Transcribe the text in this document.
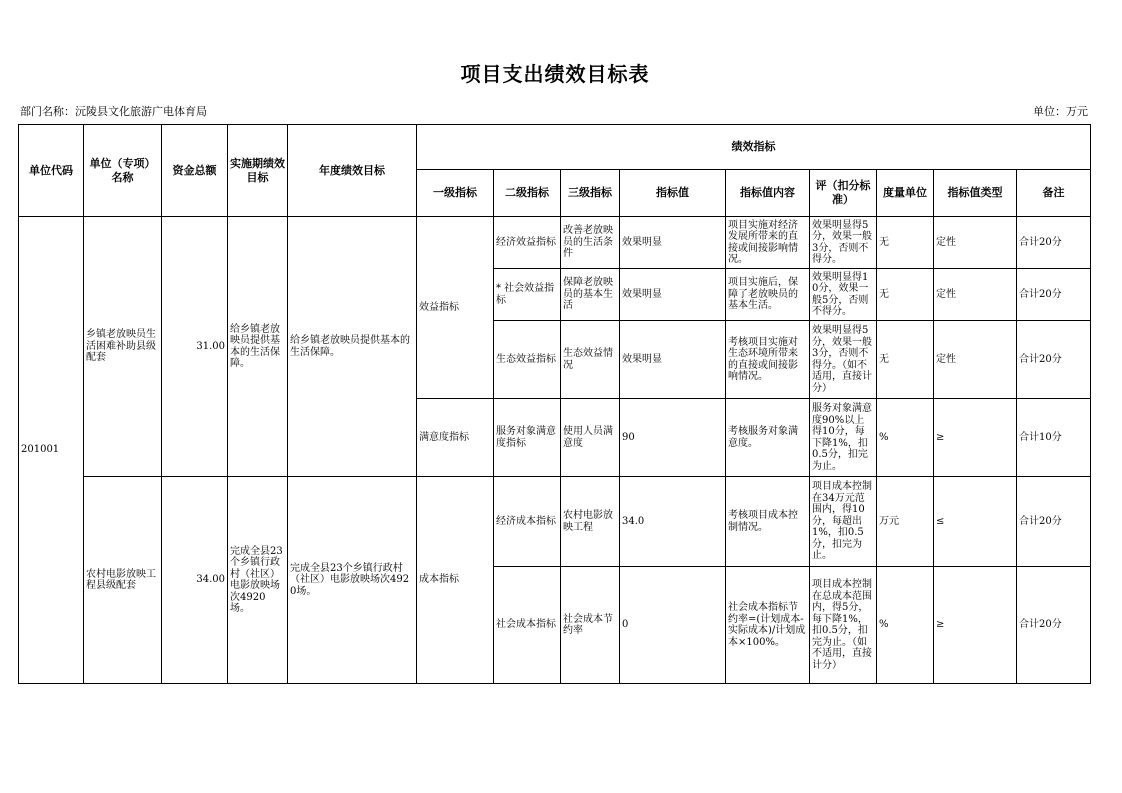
项目支出绩效目标表
部门名称：沅陵县文化旅游广电体育局	单位：万元
单位代码	单位（专项）名称	资金总额	实施期绩效目标	年度绩效目标	绩效指标								
					一级指标	二级指标	三级指标	指标值	指标值内容	评（扣分标准）	度量单位	指标值类型	备注
201001	乡镇老放映员生活困难补助县级配套	31.00	给乡镇老放映员提供基本的生活保障。	给乡镇老放映员提供基本的生活保障。	效益指标	经济效益指标	改善老放映员的生活条件	效果明显	项目实施对经济发展所带来的直接或间接影响情况。	效果明显得5分，效果一般3分，否则不得分。	无	定性	合计20分
						* 社会效益指标	保障老放映员的基本生活	效果明显	项目实施后，保障了老放映员的基本生活。	效果明显得10分，效果一般5分，否则不得分。	无	定性	合计20分
						生态效益指标	生态效益情况	效果明显	考核项目实施对生态环境所带来的直接或间接影响情况。	效果明显得5分，效果一般3分，否则不得分。（如不适用，直接计分）	无	定性	合计20分
					满意度指标	服务对象满意度指标	使用人员满意度	90	考核服务对象满意度。	服务对象满意度90%以上得10分，每下降1%，扣0.5分，扣完为止。	%	≥	合计10分
	农村电影放映工程县级配套	34.00	完成全县23个乡镇行政村（社区）电影放映场次4920场。	完成全县23个乡镇行政村（社区）电影放映场次4920场。	成本指标	经济成本指标	农村电影放映工程	34.0	考核项目成本控制情况。	项目成本控制在34万元范围内，得10分，每超出1%，扣0.5分，扣完为止。	万元	≤	合计20分
						社会成本指标	社会成本节约率	0	社会成本指标节约率=(计划成本-实际成本)/计划成本×100%。	项目成本控制在总成本范围内，得5分，每下降1%，扣0.5分，扣完为止。（如不适用，直接计分）	%	≥	合计20分
